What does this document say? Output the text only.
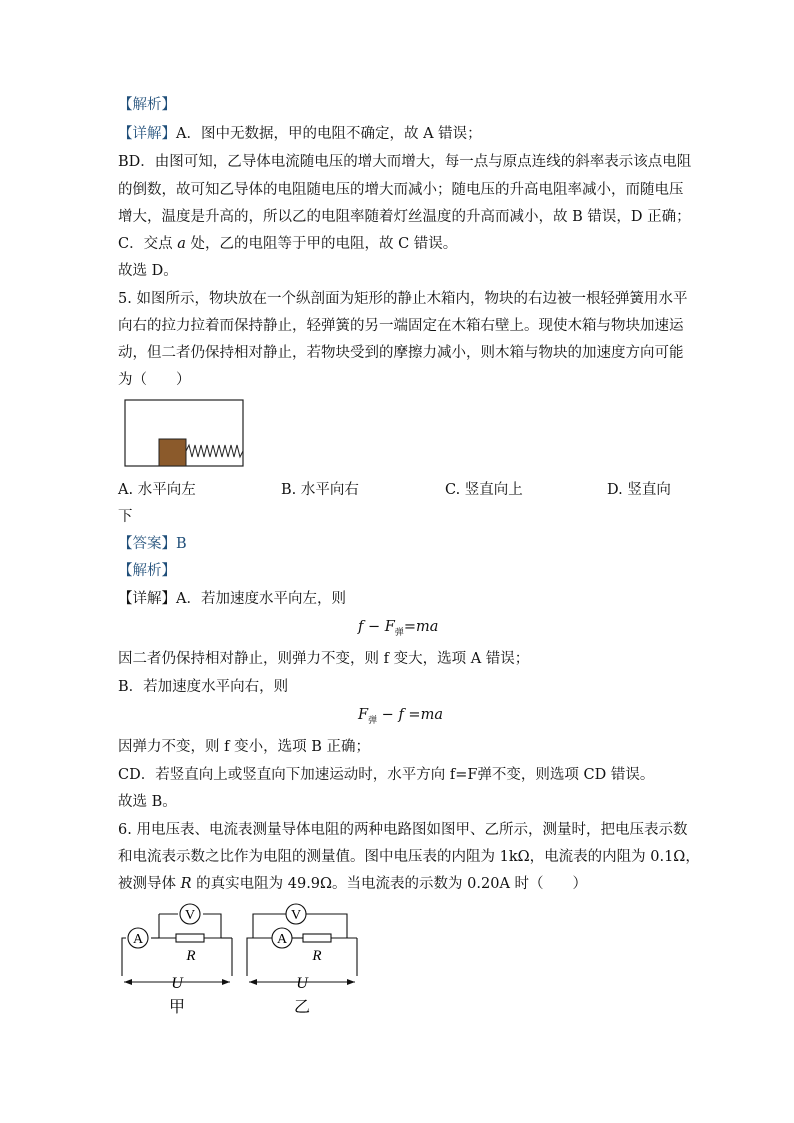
【解析】
【详解】A．图中无数据，甲的电阻不确定，故 A 错误；
BD．由图可知，乙导体电流随电压的增大而增大，每一点与原点连线的斜率表示该点电阻
的倒数，故可知乙导体的电阻随电压的增大而减小；随电压的升高电阻率减小，而随电压
增大，温度是升高的，所以乙的电阻率随着灯丝温度的升高而减小，故 B 错误，D 正确；
C．交点 a 处，乙的电阻等于甲的电阻，故 C 错误。
故选 D。
5. 如图所示，物块放在一个纵剖面为矩形的静止木箱内，物块的右边被一根轻弹簧用水平
向右的拉力拉着而保持静止，轻弹簧的另一端固定在木箱右壁上。现使木箱与物块加速运
动，但二者仍保持相对静止，若物块受到的摩擦力减小，则木箱与物块的加速度方向可能
为（　　）
A. 水平向左	B. 水平向右	C. 竖直向上	D. 竖直向
下
【答案】B
【解析】
【详解】A．若加速度水平向左，则
$f - F_弹=ma$
因二者仍保持相对静止，则弹力不变，则 f 变大，选项 A 错误；
B．若加速度水平向右，则
$F_弹 - f =ma$
因弹力不变，则 f 变小，选项 B 正确；
CD．若竖直向上或竖直向下加速运动时，水平方向 f=F弹不变，则选项 CD 错误。
故选 B。
6. 用电压表、电流表测量导体电阻的两种电路图如图甲、乙所示，测量时，把电压表示数
和电流表示数之比作为电阻的测量值。图中电压表的内阻为 1kΩ，电流表的内阻为 0.1Ω，
被测导体 R 的真实电阻为 49.9Ω。当电流表的示数为 0.20A 时（　　）
V
A
R
U
甲
V
A
R
U
乙
